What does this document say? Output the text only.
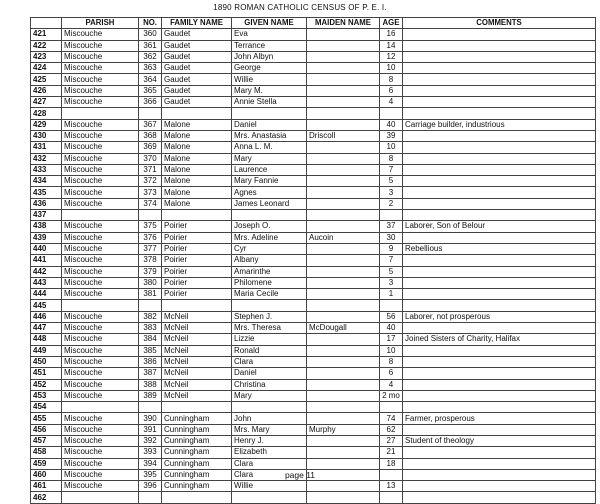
1890 ROMAN CATHOLIC CENSUS OF P. E. I.
	PARISH	NO.	FAMILY NAME	GIVEN NAME	MAIDEN NAME	AGE	COMMENTS
421	Miscouche	360	Gaudet	Eva		16	
422	Miscouche	361	Gaudet	Terrance		14	
423	Miscouche	362	Gaudet	John Albyn		12	
424	Miscouche	363	Gaudet	George		10	
425	Miscouche	364	Gaudet	Willie		8	
426	Miscouche	365	Gaudet	Mary M.		6	
427	Miscouche	366	Gaudet	Annie Stella		4	
428							
429	Miscouche	367	Malone	Daniel		40	Carriage builder, industrious
430	Miscouche	368	Malone	Mrs. Anastasia	Driscoll	39	
431	Miscouche	369	Malone	Anna L. M.		10	
432	Miscouche	370	Malone	Mary		8	
433	Miscouche	371	Malone	Laurence		7	
434	Miscouche	372	Malone	Mary Fannie		5	
435	Miscouche	373	Malone	Agnes		3	
436	Miscouche	374	Malone	James Leonard		2	
437							
438	Miscouche	375	Poirier	Joseph O.		37	Laborer, Son of Belour
439	Miscouche	376	Poirier	Mrs. Adeline	Aucoin	30	
440	Miscouche	377	Poirier	Cyr		9	Rebellious
441	Miscouche	378	Poirier	Albany		7	
442	Miscouche	379	Poirier	Amarinthe		5	
443	Miscouche	380	Poirier	Philomene		3	
444	Miscouche	381	Poirier	Maria Cecile		1	
445							
446	Miscouche	382	McNeil	Stephen J.		56	Laborer, not prosperous
447	Miscouche	383	McNeil	Mrs. Theresa	McDougall	40	
448	Miscouche	384	McNeil	Lizzie		17	Joined Sisters of Charity, Halifax
449	Miscouche	385	McNeil	Ronald		10	
450	Miscouche	386	McNeil	Clara		8	
451	Miscouche	387	McNeil	Daniel		6	
452	Miscouche	388	McNeil	Christina		4	
453	Miscouche	389	McNeil	Mary		2 mo	
454							
455	Miscouche	390	Cunningham	John		74	Farmer, prosperous
456	Miscouche	391	Cunningham	Mrs. Mary	Murphy	62	
457	Miscouche	392	Cunningham	Henry J.		27	Student of theology
458	Miscouche	393	Cunningham	Elizabeth		21	
459	Miscouche	394	Cunningham	Clara		18	
460	Miscouche	395	Cunningham	Clara			
461	Miscouche	396	Cunningham	Willie		13	
462							
page 11
